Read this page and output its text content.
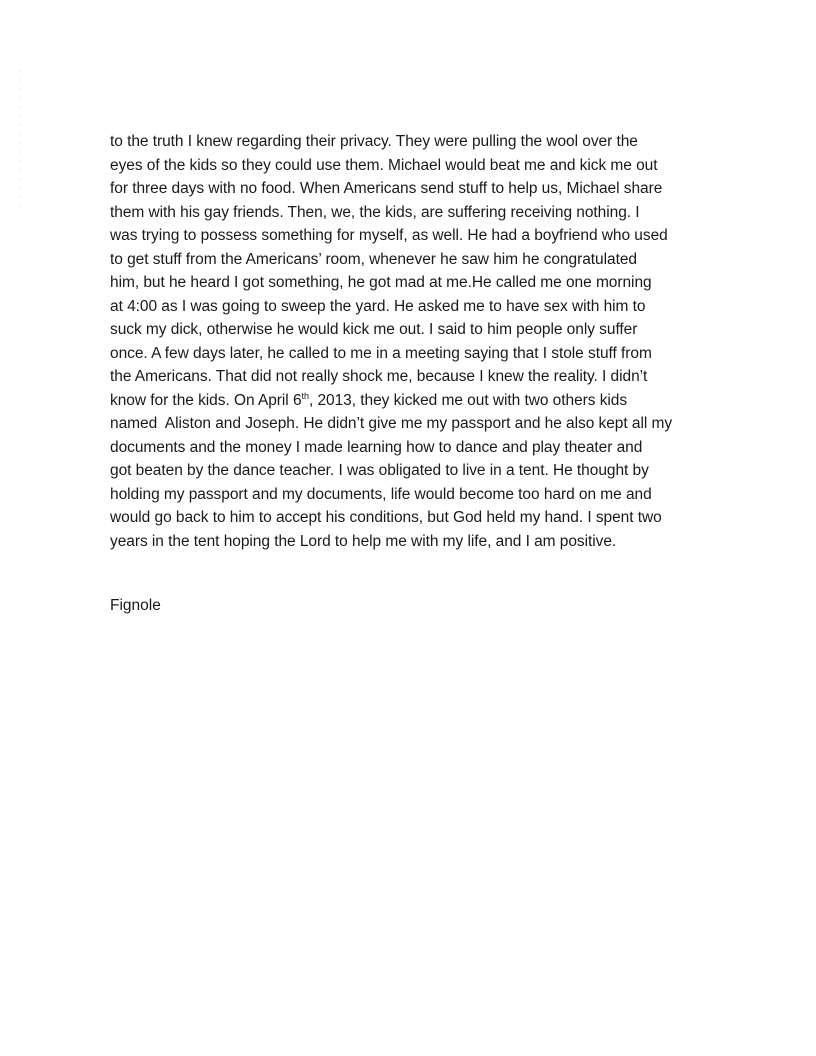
to the truth I knew regarding their privacy. They were pulling the wool over the
eyes of the kids so they could use them. Michael would beat me and kick me out
for three days with no food. When Americans send stuff to help us, Michael share
them with his gay friends. Then, we, the kids, are suffering receiving nothing. I
was trying to possess something for myself, as well. He had a boyfriend who used
to get stuff from the Americans’ room, whenever he saw him he congratulated
him, but he heard I got something, he got mad at me.He called me one morning
at 4:00 as I was going to sweep the yard. He asked me to have sex with him to
suck my dick, otherwise he would kick me out. I said to him people only suffer
once. A few days later, he called to me in a meeting saying that I stole stuff from
the Americans. That did not really shock me, because I knew the reality. I didn’t
know for the kids. On April 6th, 2013, they kicked me out with two others kids
named  Aliston and Joseph. He didn’t give me my passport and he also kept all my
documents and the money I made learning how to dance and play theater and
got beaten by the dance teacher. I was obligated to live in a tent. He thought by
holding my passport and my documents, life would become too hard on me and
would go back to him to accept his conditions, but God held my hand. I spent two
years in the tent hoping the Lord to help me with my life, and I am positive.

Fignole
